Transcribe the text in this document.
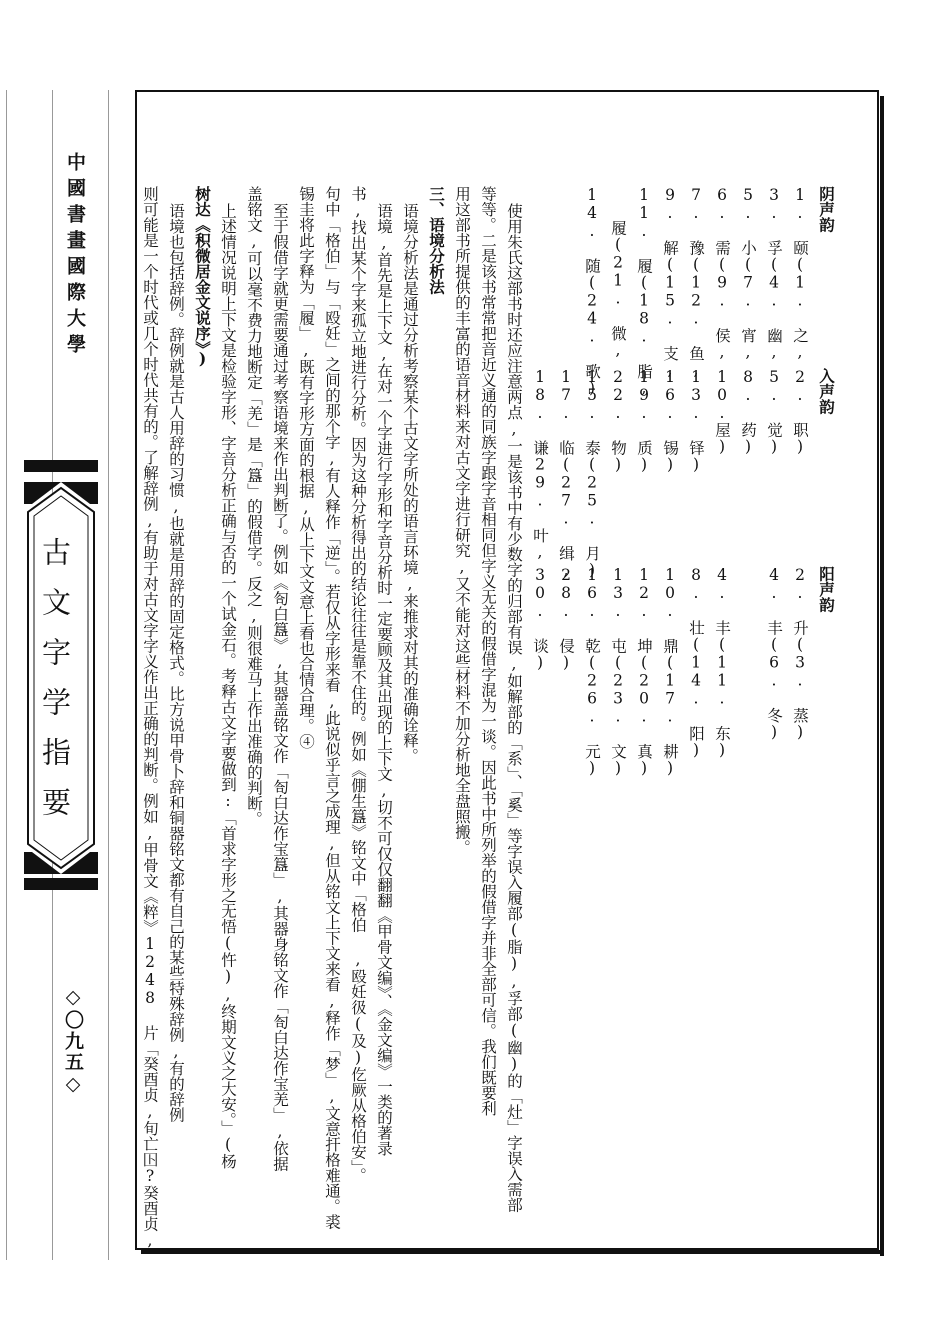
中國書畫國際大學
古文字学指要
◇〇九五◇
阴声韵
入声韵
阳声韵
1. 颐(1. 之,
3. 孚(4. 幽,
5. 小(7. 宵,
6. 需(9. 侯,
7. 豫(12. 鱼,
9. 解(15. 支,
11. 履(18. 脂,
履(21. 微,
14. 随(24. 歌)
2. 职)
5. 觉)
8. 药)
10.屋)
13. 铎)
16. 锡)
19. 质)
22. 物)
15. 泰(25. 月)
17. 临(27. 缉,
18. 谦29. 叶,
2. 升(3. 蒸)
4. 丰(6. 冬)
4. 丰(11. 东)
8. 壮(14. 阳)
10. 鼎(17. 耕)
12. 坤(20. 真)
13. 屯(23. 文)
16. 乾(26. 元)
28. 侵)
30. 谈)
使用朱氏这部书时还应注意两点,一是该书中有少数字的归部有误,如解部的「系」、「奚」等字误入履部(脂),孚部(幽)的「灶」字误入需部
等等。二是该书常常把音近义通的同族字跟字音相同但字义无关的假借字混为一谈。因此书中所列举的假借字并非全部可信。我们既要利
用这部书所提供的丰富的语音材料来对古文字进行研究,又不能对这些材料不加分析地全盘照搬。
三、语境分析法
语境分析法是通过分析考察某个古文字所处的语言环境,来推求对其的准确诠释。
语境,首先是上下文,在对一个字进行字形和字音分析时一定要顾及其出现的上下文,切不可仅仅翻翻《甲骨文编》、《金文编》一类的著录
书,找出某个字来孤立地进行分析。因为这种分析得出的结论往往是靠不住的。例如《倗生簋》铭文中「格伯 ,殴妊彶(及)仡厥从格伯安」。
句中「格伯」与「殴妊」之间的那个字,有人释作「逆」。若仅从字形来看,此说似乎言之成理,但从铭文上下文来看,释作「梦」,文意扞格难通。裘
锡圭将此字释为「履」,既有字形方面的根据,从上下文文意上看也合情合理。④
至于假借字就更需要通过考察语境来作出判断了。例如《匌白簋》,其器盖铭文作「匌白达作宝簋」,其器身铭文作「匌白达作宝羌」,依据
盖铭文,可以毫不费力地断定「羌」是「簋」的假借字。反之,则很难马上作出准确的判断。
上述情况说明上下文是检验字形、字音分析正确与否的一个试金石。考释古文字要做到:「首求字形之无悟(忤),终期文义之大安。」(杨
树达《积微居金文说序》)
语境也包括辞例。辞例就是古人用辞的习惯,也就是用辞的固定格式。比方说甲骨卜辞和铜器铭文都有自己的某些特殊辞例,有的辞例
则可能是一个时代或几个时代共有的。了解辞例,有助于对古文字字义作出正确的判断。例如,甲骨文《粹》1248 片「癸酉贞,旬亡𡆥?癸酉贞,
